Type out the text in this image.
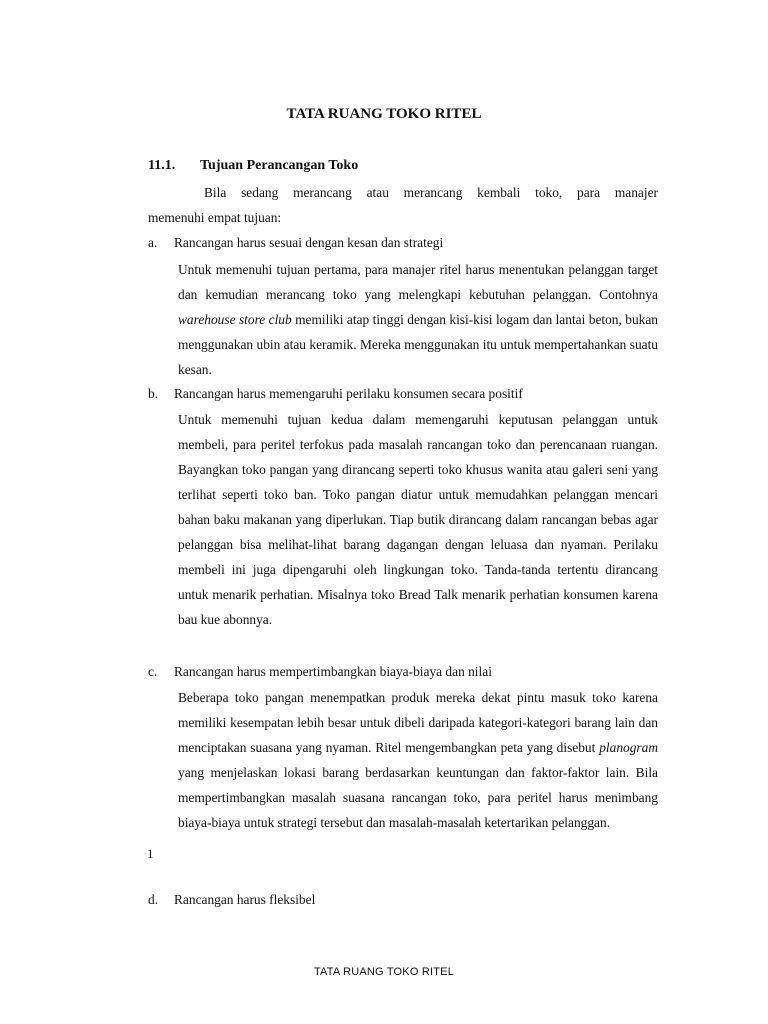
TATA RUANG TOKO RITEL
11.1. Tujuan Perancangan Toko
Bila sedang merancang atau merancang kembali toko, para manajer
memenuhi empat tujuan:
a. Rancangan harus sesuai dengan kesan dan strategi

Untuk memenuhi tujuan pertama, para manajer ritel harus menentukan pelanggan target dan kemudian merancang toko yang melengkapi kebutuhan pelanggan. Contohnya warehouse store club memiliki atap tinggi dengan kisi-kisi logam dan lantai beton, bukan menggunakan ubin atau keramik. Mereka menggunakan itu untuk mempertahankan suatu kesan.

b. Rancangan harus memengaruhi perilaku konsumen secara positif

Untuk memenuhi tujuan kedua dalam memengaruhi keputusan pelanggan untuk membeli, para peritel terfokus pada masalah rancangan toko dan perencanaan ruangan. Bayangkan toko pangan yang dirancang seperti toko khusus wanita atau galeri seni yang terlihat seperti toko ban. Toko pangan diatur untuk memudahkan pelanggan mencari bahan baku makanan yang diperlukan. Tiap butik dirancang dalam rancangan bebas agar pelanggan bisa melihat-lihat barang dagangan dengan leluasa dan nyaman. Perilaku membeli ini juga dipengaruhi oleh lingkungan toko. Tanda-tanda tertentu dirancang untuk menarik perhatian. Misalnya toko Bread Talk menarik perhatian konsumen karena bau kue abonnya.

c. Rancangan harus mempertimbangkan biaya-biaya dan nilai

Beberapa toko pangan menempatkan produk mereka dekat pintu masuk toko karena memiliki kesempatan lebih besar untuk dibeli daripada kategori-kategori barang lain dan menciptakan suasana yang nyaman. Ritel mengembangkan peta yang disebut planogram yang menjelaskan lokasi barang berdasarkan keuntungan dan faktor-faktor lain. Bila mempertimbangkan masalah suasana rancangan toko, para peritel harus menimbang biaya-biaya untuk strategi tersebut dan masalah-masalah ketertarikan pelanggan.

1
d. Rancangan harus fleksibel
TATA RUANG TOKO RITEL
